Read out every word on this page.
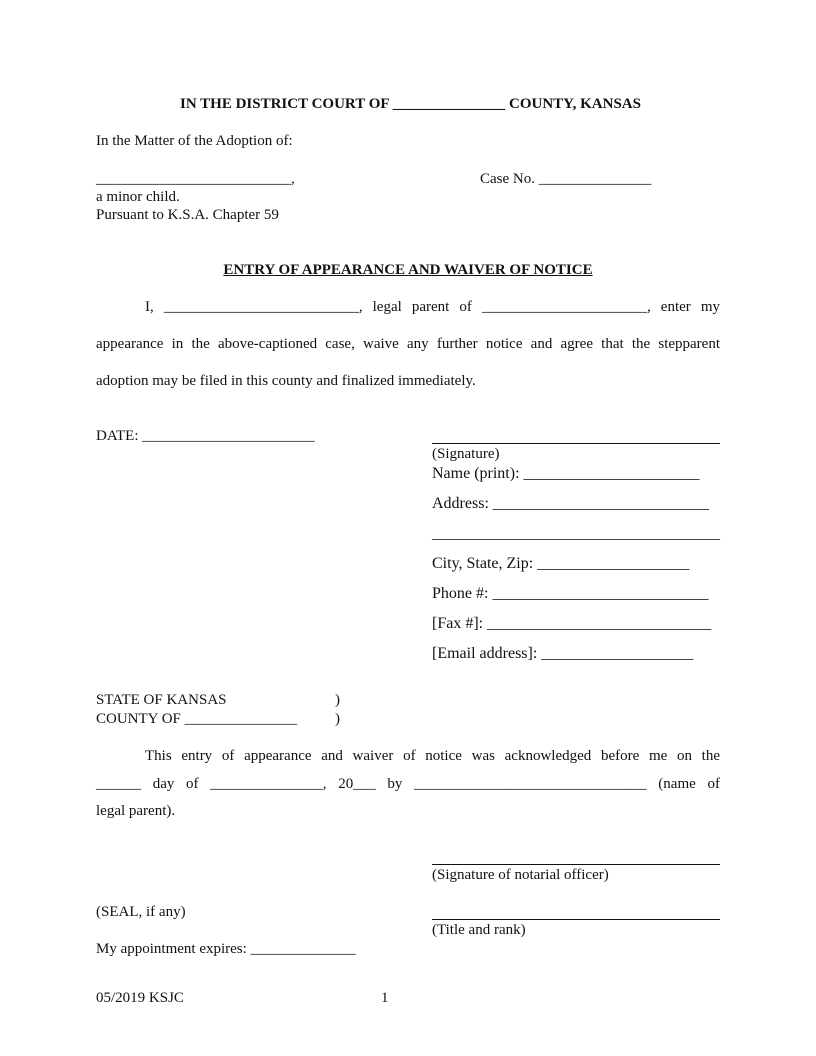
IN THE DISTRICT COURT OF _______________ COUNTY, KANSAS
In the Matter of the Adoption of:
__________________________,	Case No. _______________
a minor child.
Pursuant to K.S.A. Chapter 59
ENTRY OF APPEARANCE AND WAIVER OF NOTICE
I, __________________________, legal parent of ______________________, enter my
appearance in the above-captioned case, waive any further notice and agree that the stepparent
adoption may be filed in this county and finalized immediately.
DATE: _______________________
(Signature)
Name (print): ______________________
Address: ___________________________
____________________________________
City, State, Zip: ___________________
Phone #: ___________________________
[Fax #]: ____________________________
[Email address]: ___________________
STATE OF KANSAS	)
COUNTY OF _______________	)
This entry of appearance and waiver of notice was acknowledged before me on the
______ day of _______________, 20___ by _______________________________ (name of
legal parent).
(Signature of notarial officer)
(SEAL, if any)
(Title and rank)
My appointment expires: ______________
05/2019 KSJC	1
